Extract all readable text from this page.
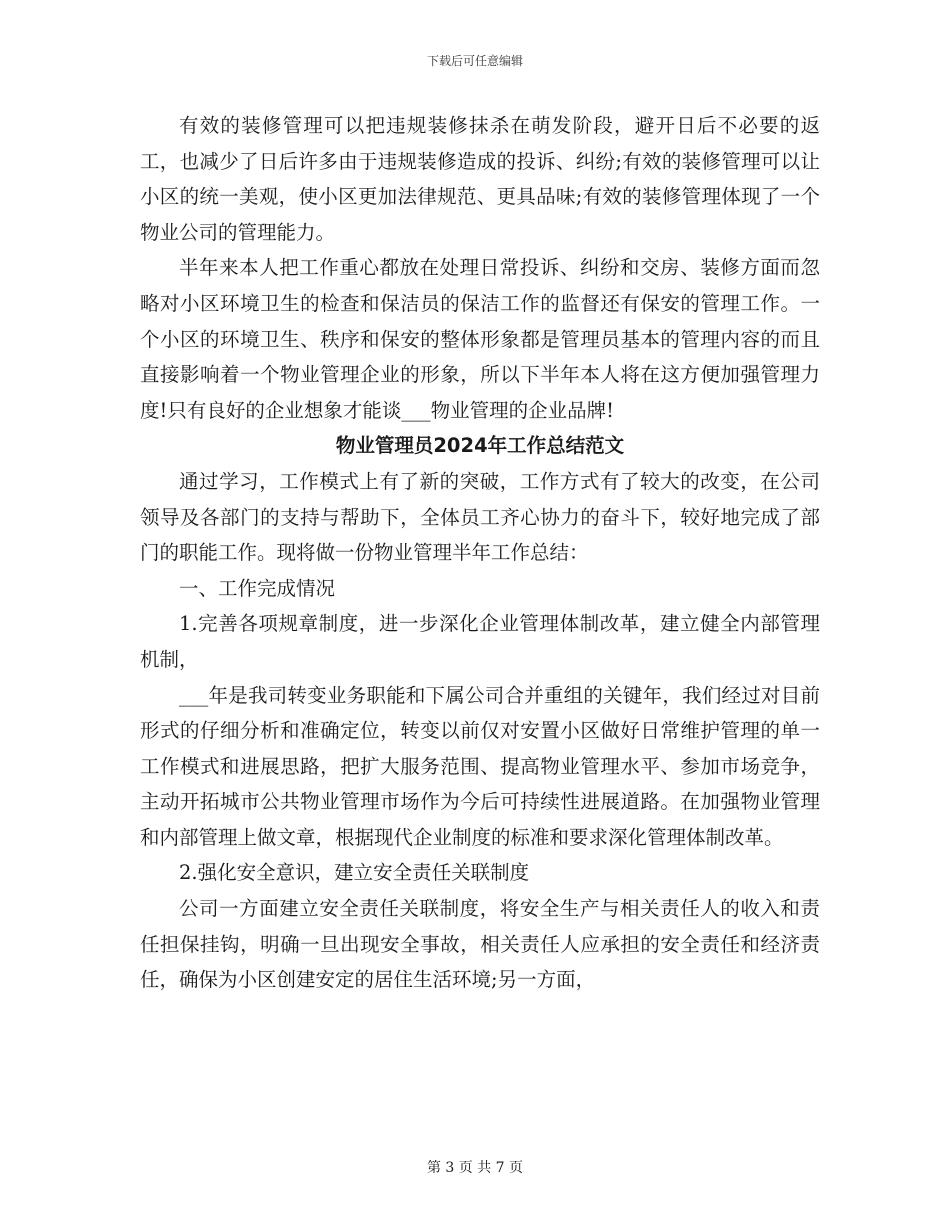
下载后可任意编辑

有效的装修管理可以把违规装修抹杀在萌发阶段，避开日后不必要的返工，也减少了日后许多由于违规装修造成的投诉、纠纷;有效的装修管理可以让小区的统一美观，使小区更加法律规范、更具品味;有效的装修管理体现了一个物业公司的管理能力。

半年来本人把工作重心都放在处理日常投诉、纠纷和交房、装修方面而忽略对小区环境卫生的检查和保洁员的保洁工作的监督还有保安的管理工作。一个小区的环境卫生、秩序和保安的整体形象都是管理员基本的管理内容的而且直接影响着一个物业管理企业的形象，所以下半年本人将在这方便加强管理力度!只有良好的企业想象才能谈___物业管理的企业品牌!

物业管理员2024年工作总结范文

通过学习，工作模式上有了新的突破，工作方式有了较大的改变，在公司领导及各部门的支持与帮助下，全体员工齐心协力的奋斗下，较好地完成了部门的职能工作。现将做一份物业管理半年工作总结：

一、工作完成情况

1.完善各项规章制度，进一步深化企业管理体制改革，建立健全内部管理机制，

___年是我司转变业务职能和下属公司合并重组的关键年，我们经过对目前形式的仔细分析和准确定位，转变以前仅对安置小区做好日常维护管理的单一工作模式和进展思路，把扩大服务范围、提高物业管理水平、参加市场竞争，主动开拓城市公共物业管理市场作为今后可持续性进展道路。在加强物业管理和内部管理上做文章，根据现代企业制度的标准和要求深化管理体制改革。

2.强化安全意识，建立安全责任关联制度

公司一方面建立安全责任关联制度，将安全生产与相关责任人的收入和责任担保挂钩，明确一旦出现安全事故，相关责任人应承担的安全责任和经济责任，确保为小区创建安定的居住生活环境;另一方面，

第 3 页 共 7 页
